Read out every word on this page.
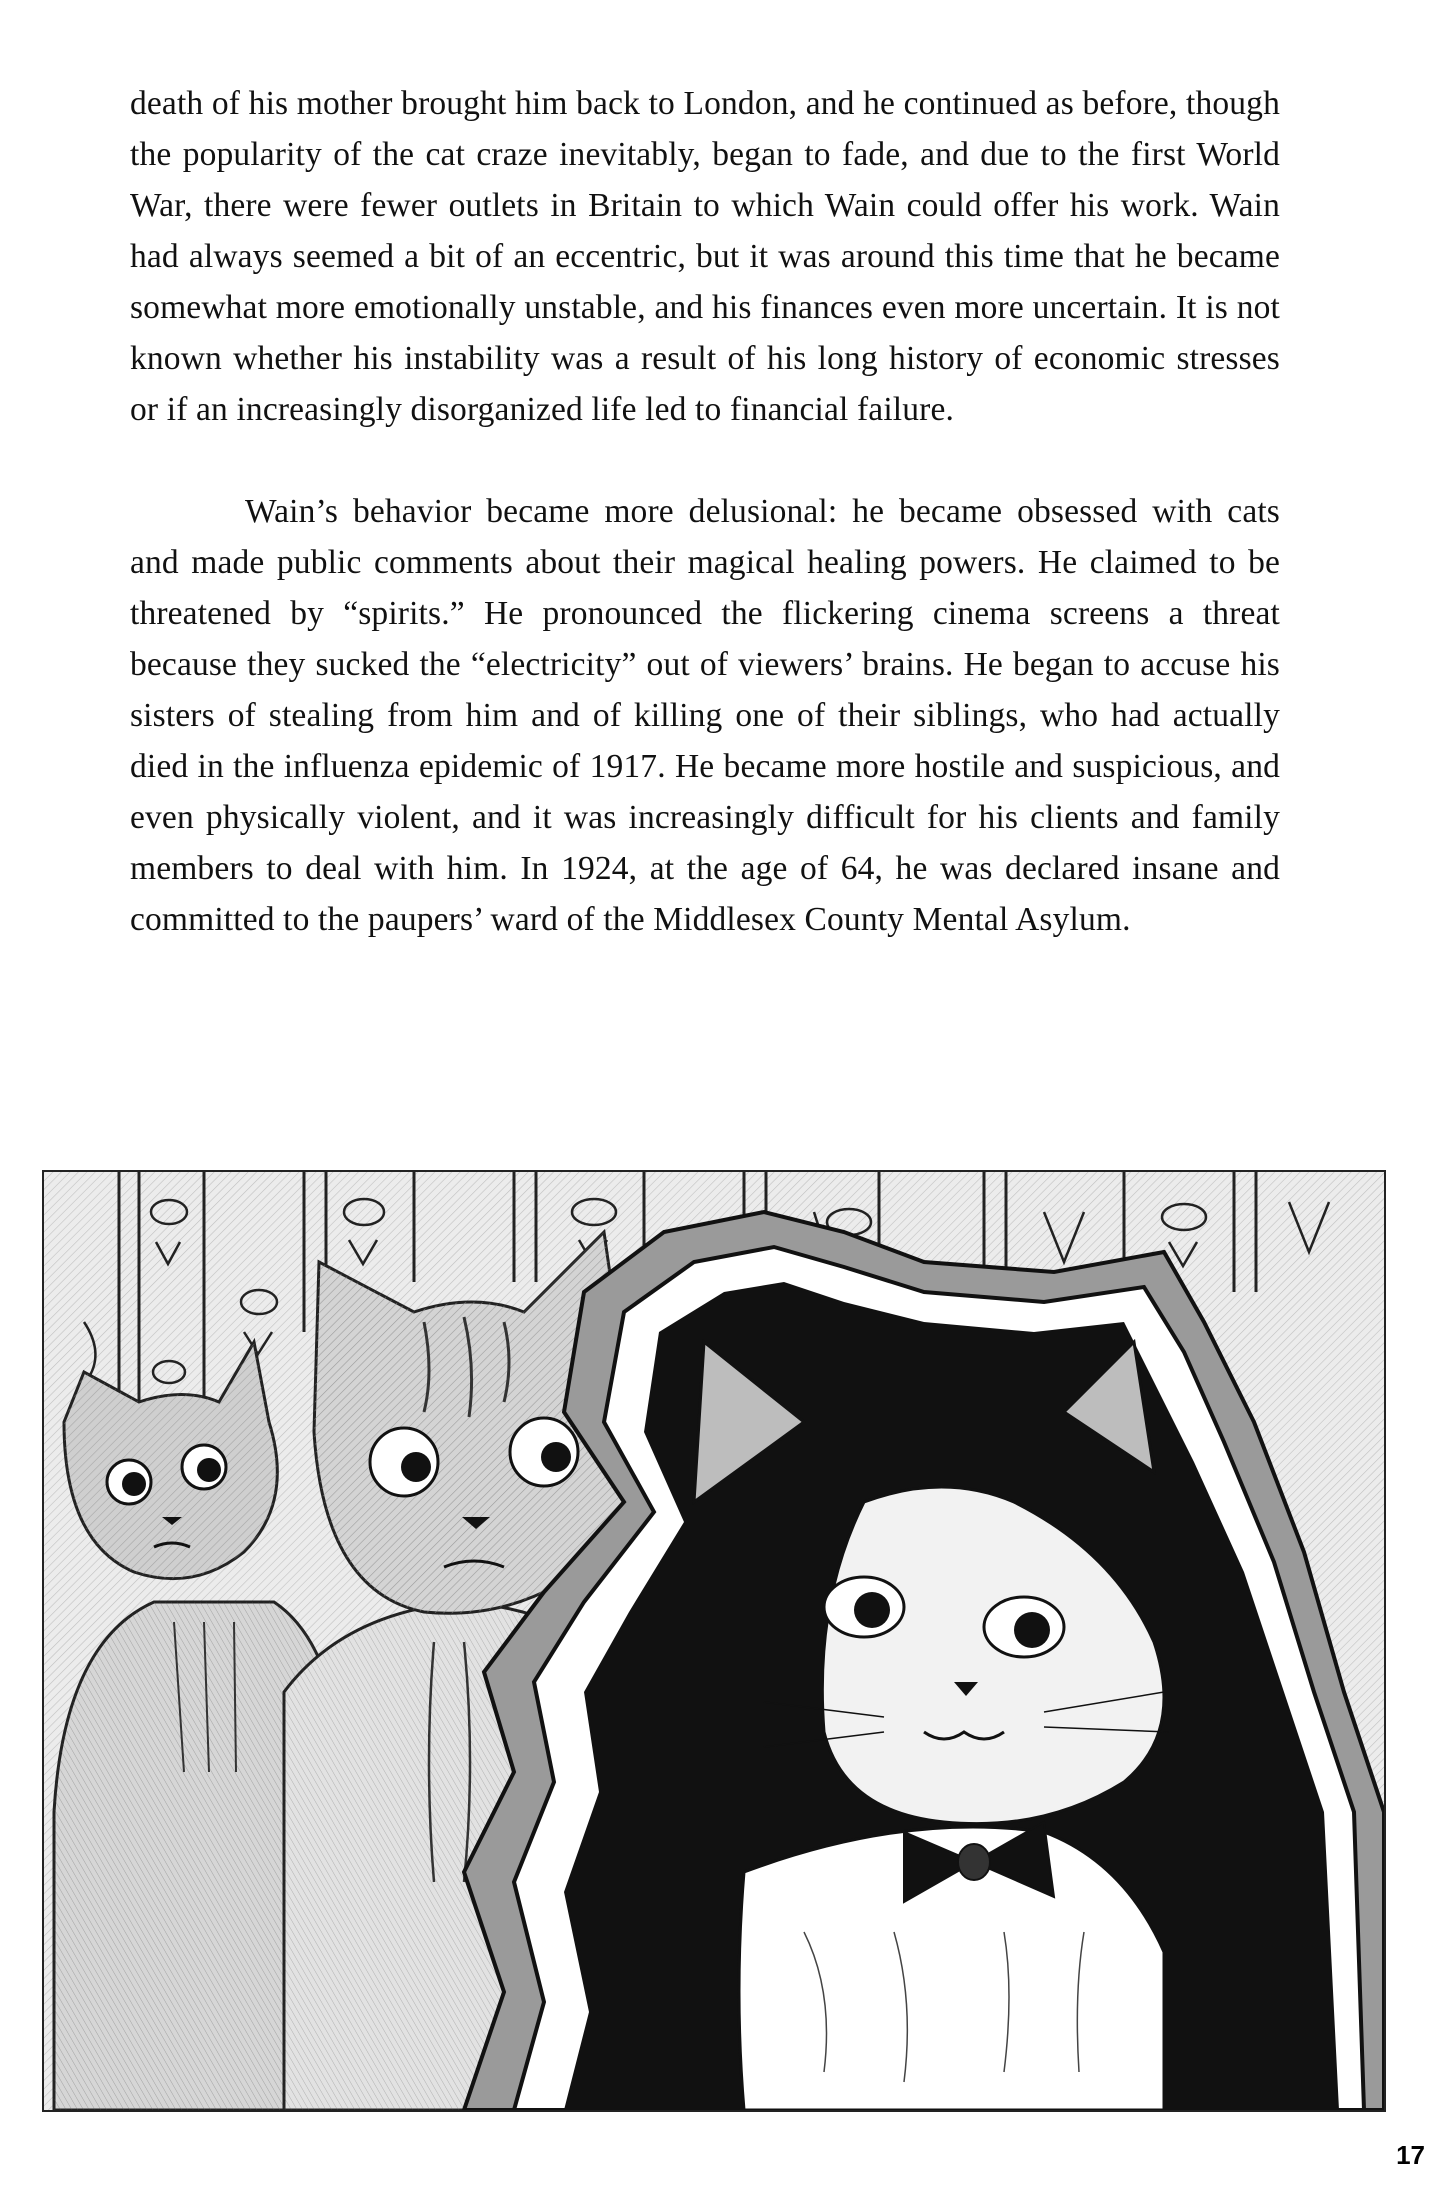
death of his mother brought him back to London, and he continued as before, though the popularity of the cat craze inevitably, began to fade, and due to the first World War, there were fewer outlets in Britain to which Wain could offer his work. Wain had always seemed a bit of an eccentric, but it was around this time that he became somewhat more emotionally unstable, and his finances even more uncertain. It is not known whether his instability was a result of his long history of economic stresses or if an increasingly disorganized life led to financial failure.

Wain’s behavior became more delusional: he became obsessed with cats and made public comments about their magical healing powers. He claimed to be threatened by “spirits.” He pronounced the flickering cinema screens a threat because they sucked the “electricity” out of viewers’ brains. He began to accuse his sisters of stealing from him and of killing one of their siblings, who had actually died in the influenza epidemic of 1917. He became more hostile and suspicious, and even physically violent, and it was increasingly difficult for his clients and family members to deal with him. In 1924, at the age of 64, he was declared insane and committed to the paupers’ ward of the Middlesex County Mental Asylum.

17
